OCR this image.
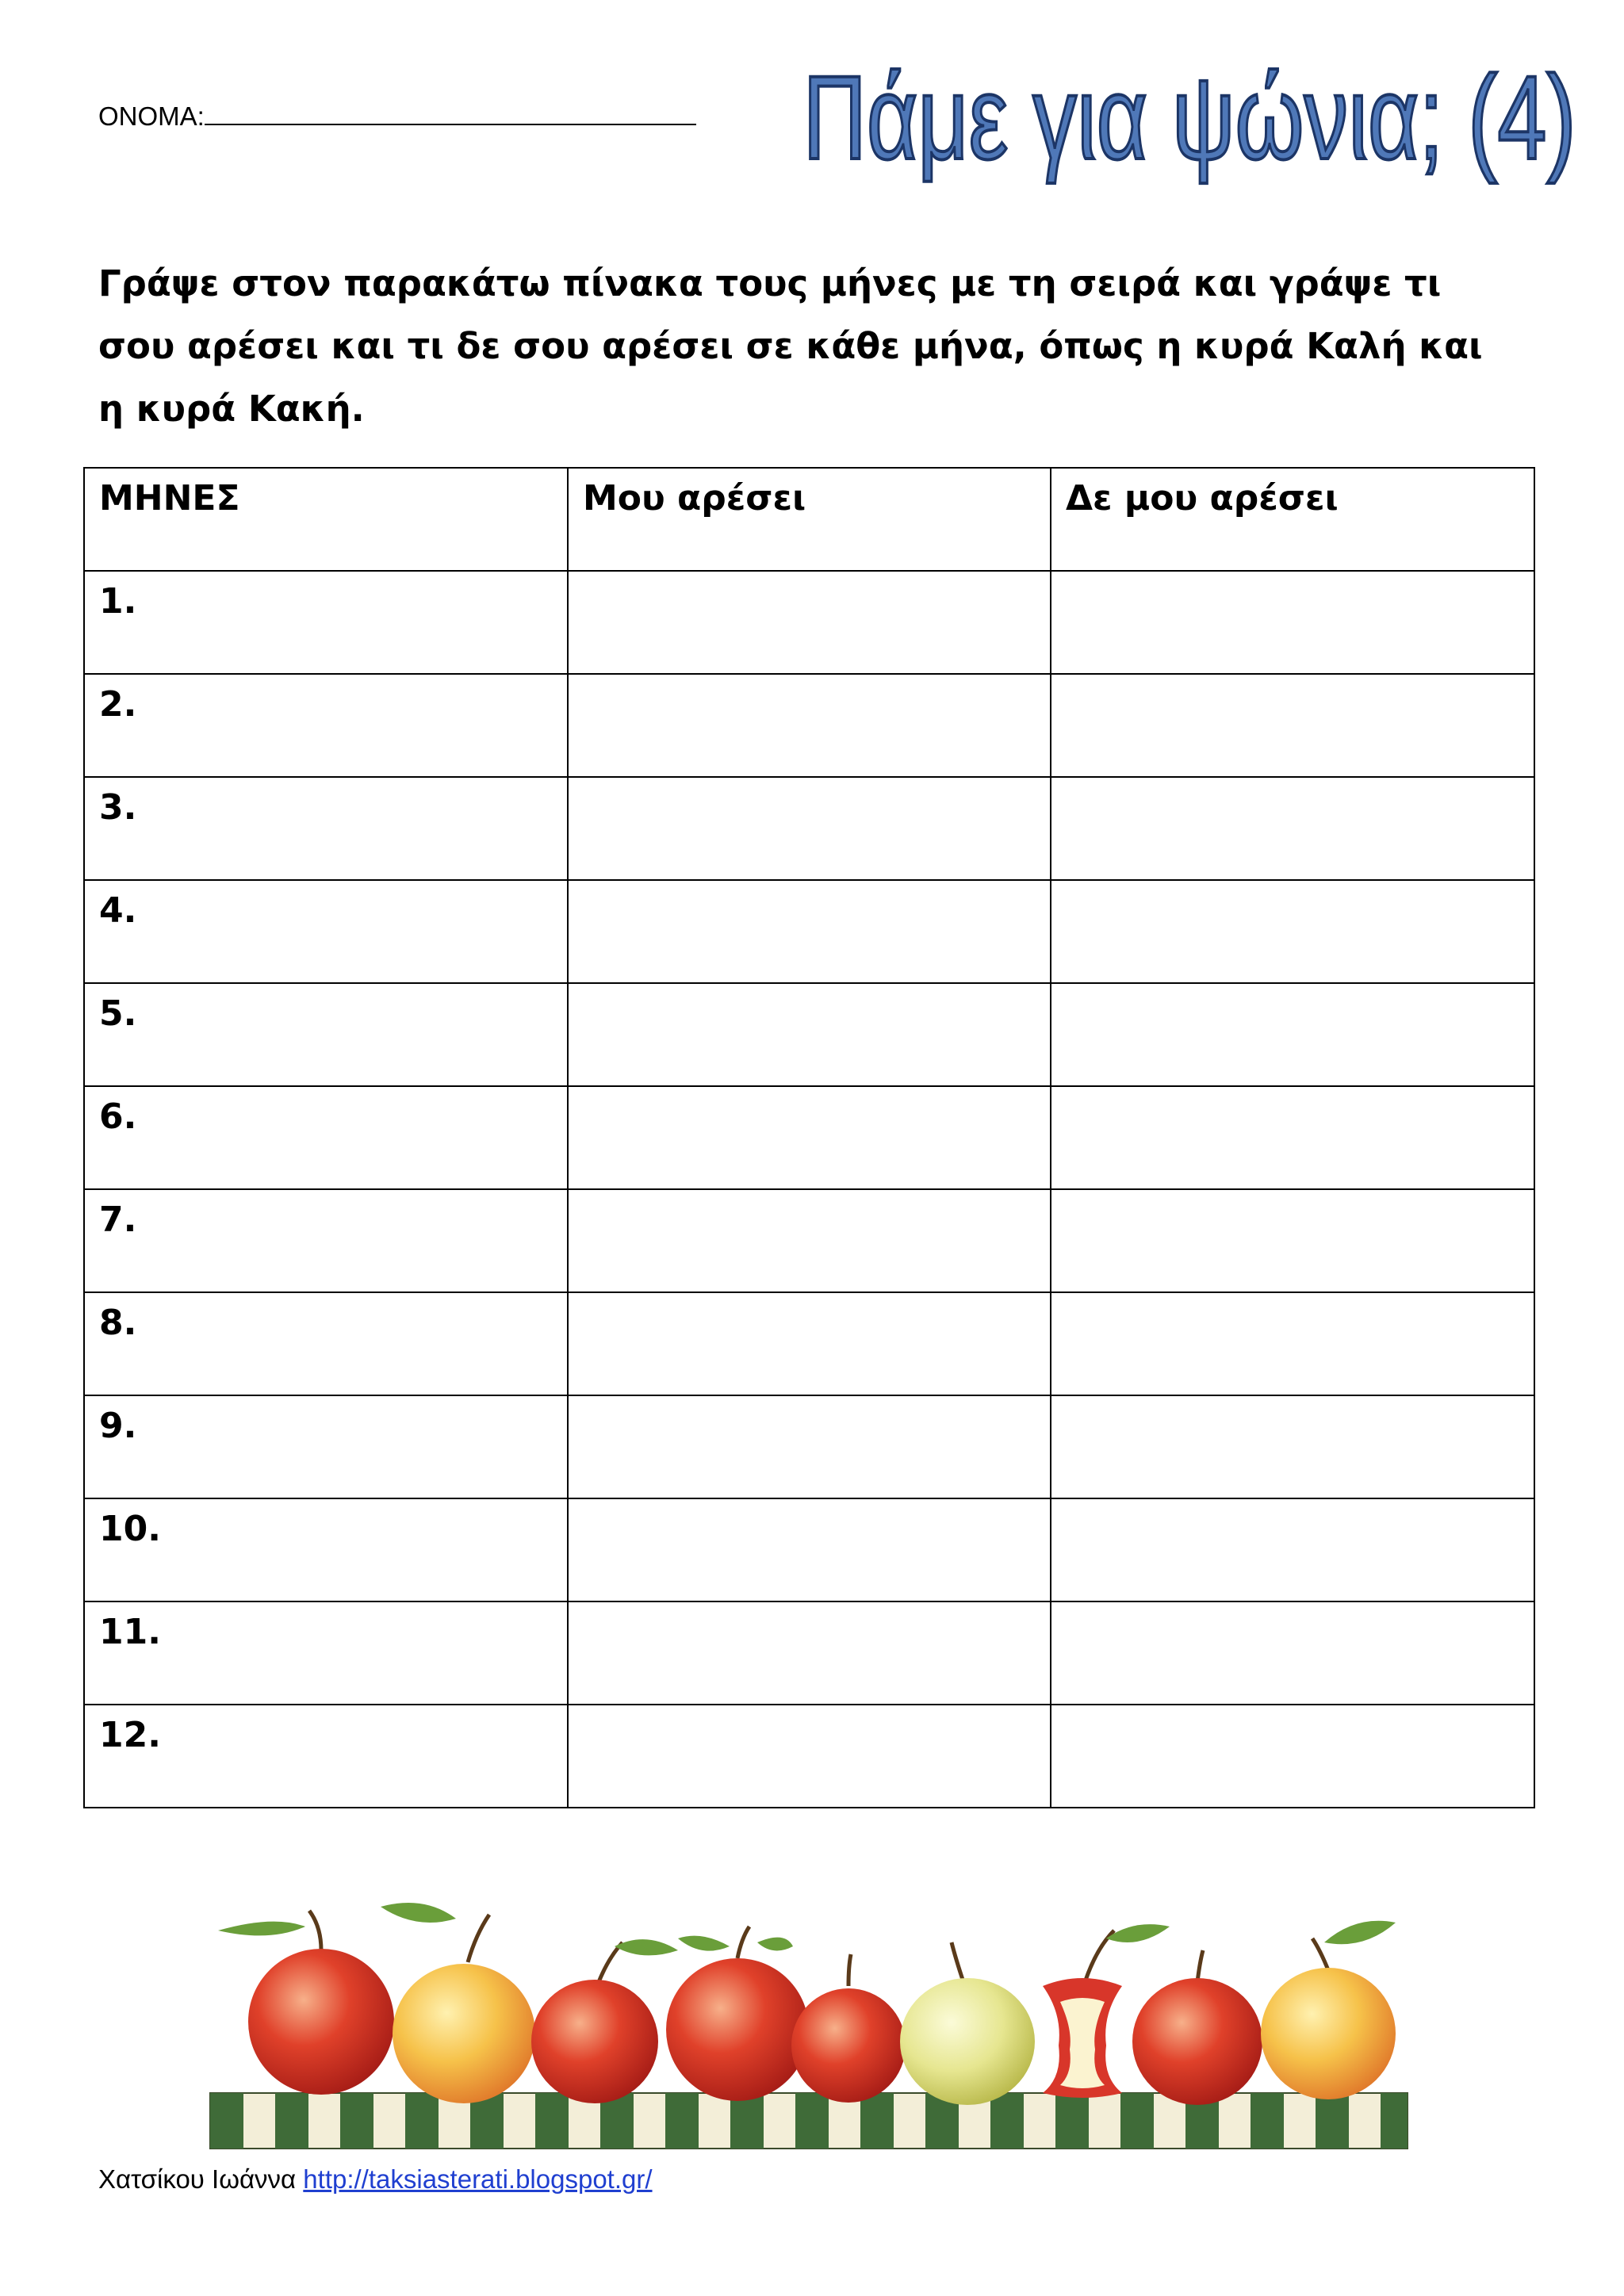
ΟΝΟΜΑ:	Πάμε για ψώνια; (4)
Γράψε στον παρακάτω πίνακα τους μήνες με τη σειρά και γράψε τι σου αρέσει και τι δε σου αρέσει σε κάθε μήνα, όπως η κυρά Καλή και η κυρά Κακή.
ΜΗΝΕΣ	Μου αρέσει	Δε μου αρέσει
1.		
2.		
3.		
4.		
5.		
6.		
7.		
8.		
9.		
10.		
11.		
12.		
Χατσίκου Ιωάννα http://taksiasterati.blogspot.gr/
